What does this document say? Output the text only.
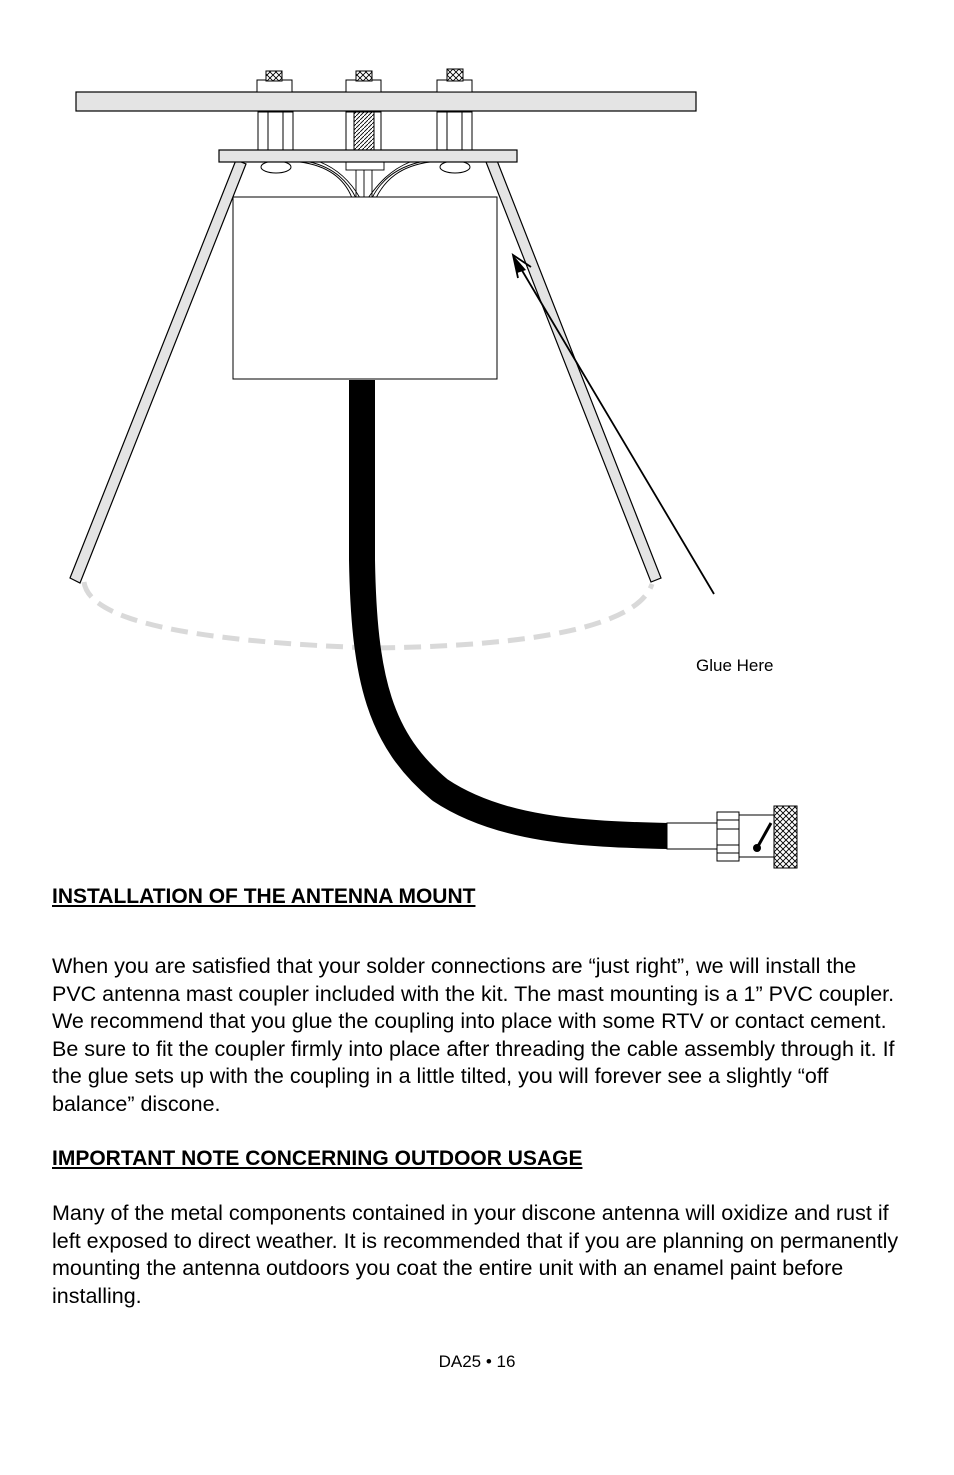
Glue Here
INSTALLATION OF THE ANTENNA MOUNT

When you are satisfied that your solder connections are “just right”, we will install the PVC antenna mast coupler included with the kit. The mast mounting is a 1” PVC coupler. We recommend that you glue the coupling into place with some RTV or contact cement. Be sure to fit the coupler firmly into place after threading the cable assembly through it. If the glue sets up with the coupling in a little tilted, you will forever see a slightly “off balance” discone.

IMPORTANT NOTE CONCERNING OUTDOOR USAGE

Many of the metal components contained in your discone antenna will oxidize and rust if left exposed to direct weather. It is recommended that if you are planning on permanently mounting the antenna outdoors you coat the entire unit with an enamel paint before installing.

DA25 • 16
